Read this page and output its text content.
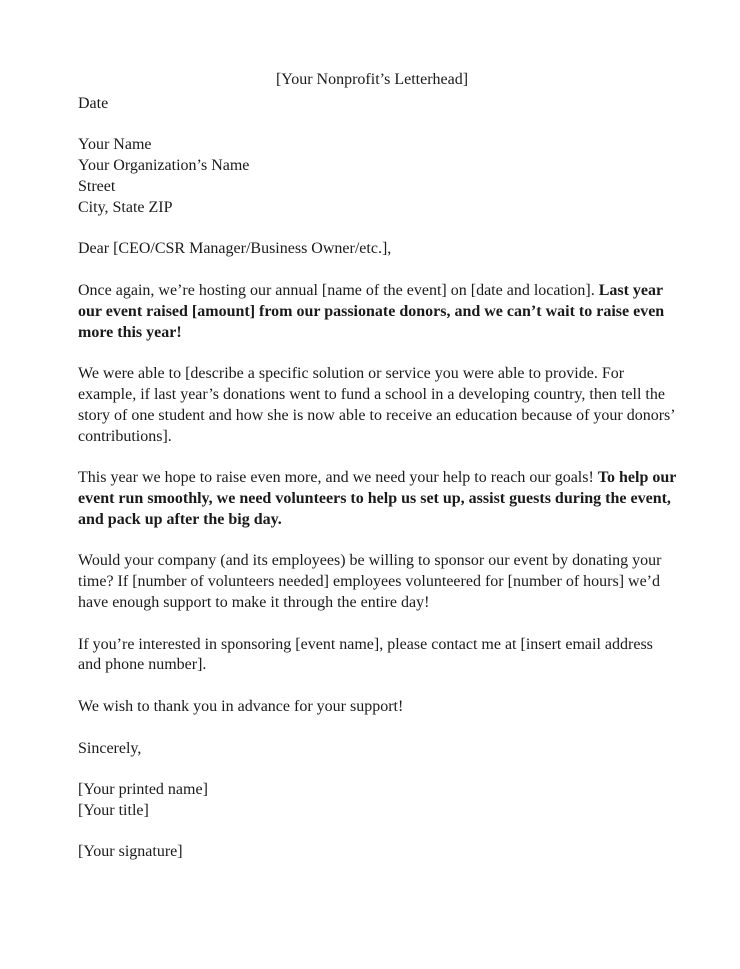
[Your Nonprofit’s Letterhead]

Date

Your Name

Your Organization’s Name

Street

City, State ZIP

Dear [CEO/CSR Manager/Business Owner/etc.],

Once again, we’re hosting our annual [name of the event] on [date and location]. Last year our event raised [amount] from our passionate donors, and we can’t wait to raise even more this year!

We were able to [describe a specific solution or service you were able to provide. For example, if last year’s donations went to fund a school in a developing country, then tell the story of one student and how she is now able to receive an education because of your donors’ contributions].

This year we hope to raise even more, and we need your help to reach our goals! To help our event run smoothly, we need volunteers to help us set up, assist guests during the event, and pack up after the big day.

Would your company (and its employees) be willing to sponsor our event by donating your time? If [number of volunteers needed] employees volunteered for [number of hours] we’d have enough support to make it through the entire day!

If you’re interested in sponsoring [event name], please contact me at [insert email address and phone number].

We wish to thank you in advance for your support!

Sincerely,

[Your printed name]

[Your title]

[Your signature]
